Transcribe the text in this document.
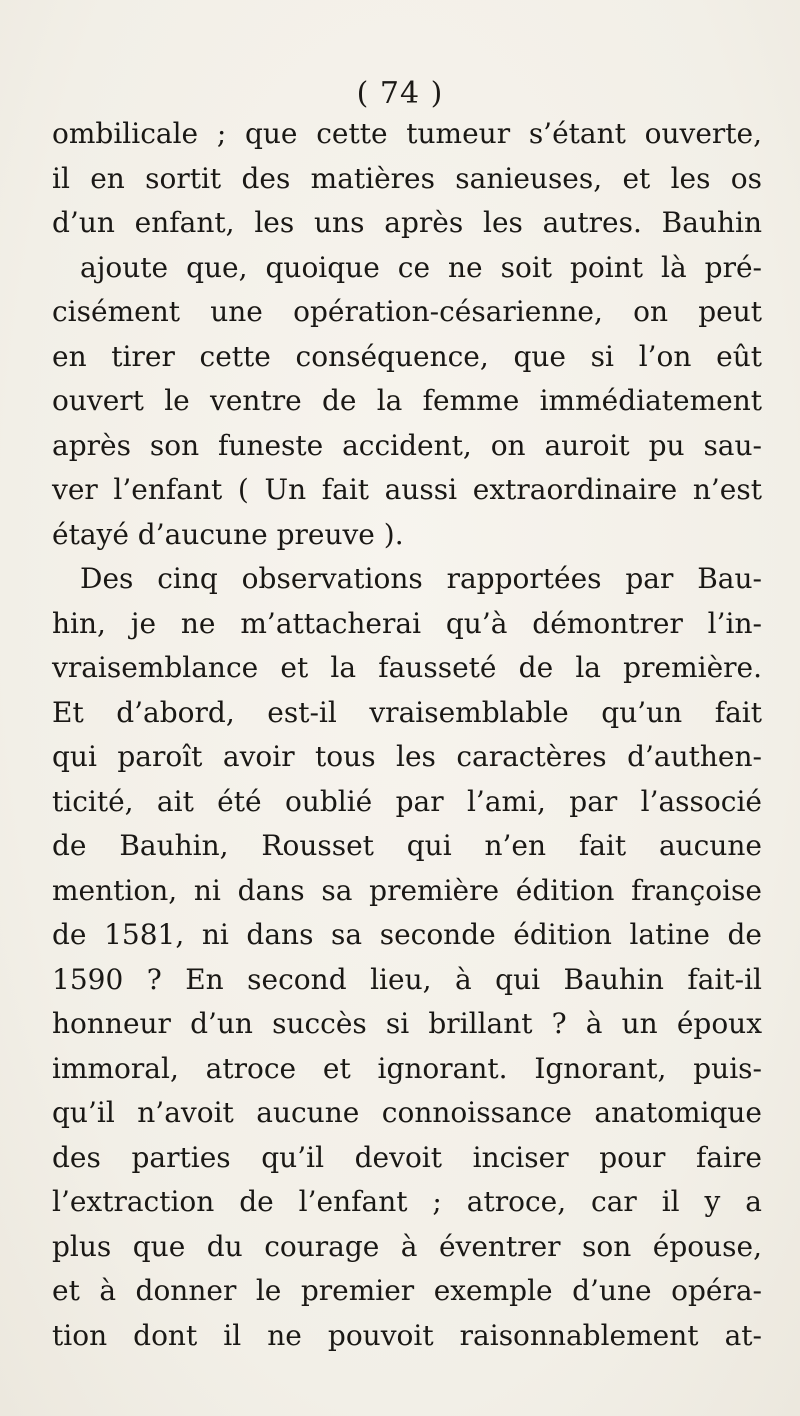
( 74 )
ombilicale ; que cette tumeur s’étant ouverte,
il en sortit des matières sanieuses, et les os
d’un enfant, les uns après les autres. Bauhin
ajoute que, quoique ce ne soit point là pré-
cisément une opération-césarienne, on peut
en tirer cette conséquence, que si l’on eût
ouvert le ventre de la femme immédiatement
après son funeste accident, on auroit pu sau-
ver l’enfant ( Un fait aussi extraordinaire n’est
étayé d’aucune preuve ).
Des cinq observations rapportées par Bau-
hin, je ne m’attacherai qu’à démontrer l’in-
vraisemblance et la fausseté de la première.
Et d’abord, est-il vraisemblable qu’un fait
qui paroît avoir tous les caractères d’authen-
ticité, ait été oublié par l’ami, par l’associé
de Bauhin, Rousset qui n’en fait aucune
mention, ni dans sa première édition françoise
de 1581, ni dans sa seconde édition latine de
1590 ? En second lieu, à qui Bauhin fait-il
honneur d’un succès si brillant ? à un époux
immoral, atroce et ignorant. Ignorant, puis-
qu’il n’avoit aucune connoissance anatomique
des parties qu’il devoit inciser pour faire
l’extraction de l’enfant ; atroce, car il y a
plus que du courage à éventrer son épouse,
et à donner le premier exemple d’une opéra-
tion dont il ne pouvoit raisonnablement at-
